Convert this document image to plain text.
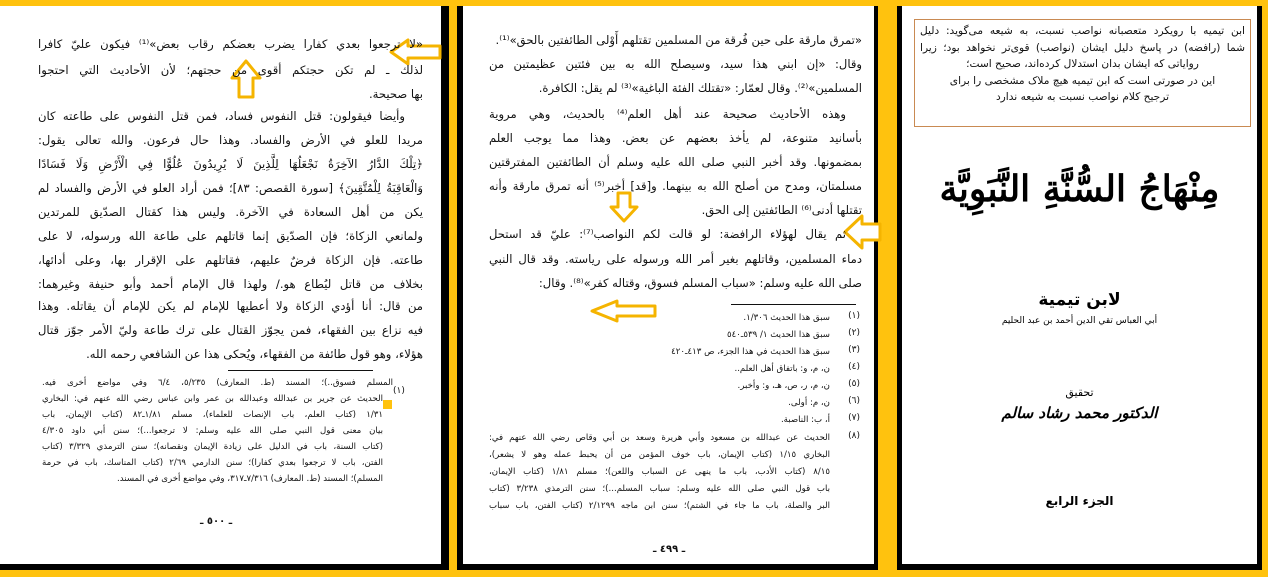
(١)
ـ ٥٠٠ ـ
«لا ترجعوا بعدي كفارا يضرب بعضكم رقاب بعض»⁽¹⁾ فيكون عليّ كافرا
لذلك ـ لم تكن حجتكم أقوى من حجتهم؛ لأن الأحاديث التي احتجوا
بها صحيحة.
وأيضا فيقولون: قتل النفوس فساد، فمن قتل النفوس على طاعته كان
مريدا للعلو في الأرض والفساد. وهذا حال فرعون. والله تعالى يقول:
﴿تِلْكَ الدَّارُ الآخِرَةُ نَجْعَلُهَا لِلَّذِينَ لَا يُرِيدُونَ عُلُوًّا فِي الْأَرْضِ وَلَا فَسَادًا
وَالْعَاقِبَةُ لِلْمُتَّقِينَ﴾ [سورة القصص: ٨٣]؛ فمن أراد العلو في الأرض والفساد لم
يكن من أهل السعادة في الآخرة. وليس هذا كقتال الصدّيق للمرتدين
ولمانعي الزكاة؛ فإن الصدّيق إنما قاتلهم على طاعة الله ورسوله، لا على
طاعته. فإن الزكاة فرضٌ عليهم، فقاتلهم على الإقرار بها، وعلى أدائها،
بخلاف من قاتل ليُطاع هو./ ولهذا قال الإمام أحمد وأبو حنيفة وغيرهما:
من قال: أنا أؤدي الزكاة ولا أعطيها للإمام لم يكن للإمام أن يقاتله. وهذا
فيه نزاع بين الفقهاء، فمن يجوّز القتال على ترك طاعة وليّ الأمر جوّز قتال
هؤلاء، وهو قول طائفة من الفقهاء، ويُحكى هذا عن الشافعي رحمه الله.
المسلم فسوق..)؛ المسند (ط. المعارف) ٥/٢٣٥، ٦/٤ وفي مواضع أخرى فيه.
الحديث عن جرير بن عبدالله وعبدالله بن عمر وابن عباس رضي الله عنهم في: البخاري
١/٣١ (كتاب العلم، باب الإنصات للعلماء)، مسلم ١/٨١ـ٨٢ (كتاب الإيمان، باب
بيان معنى قول النبي صلى الله عليه وسلم: لا ترجعوا...)؛ سنن أبي داود ٤/٣٠٥
(كتاب السنة، باب في الدليل على زيادة الإيمان ونقصانه)؛ سنن الترمذي ٣/٣٢٩ (كتاب
الفتن، باب لا ترجعوا بعدي كفارا)؛ سنن الدارمي ٢/٦٩ (كتاب المناسك، باب في حرمة
المسلم)؛ المسند (ط. المعارف) ٧/٣١٦ـ٣١٧، وفي مواضع أخرى في المسند.
ـ ٤٩٩ ـ
«تمرق مارقة على حين فُرقة من المسلمين تقتلهم أَوْلى الطائفتين بالحق»⁽¹⁾.
وقال: «إن ابني هذا سيد، وسيصلح الله به بين فئتين عظيمتين من
المسلمين»⁽²⁾. وقال لعمّار: «تقتلك الفئة الباغية»⁽³⁾ لم يقل: الكافرة.
وهذه الأحاديث صحيحة عند أهل العلم⁽⁴⁾ بالحديث، وهي مروية
بأسانيد متنوعة، لم يأخذ بعضهم عن بعض. وهذا مما يوجب العلم
بمضمونها. وقد أخبر النبي صلى الله عليه وسلم أن الطائفتين المفترقتين
مسلمتان، ومدح من أصلح الله به بينهما. و[قد] أخبر⁽⁵⁾ أنه تمرق مارقة وأنه
تقتلها أدنى⁽⁶⁾ الطائفتين إلى الحق.
ثم يقال لهؤلاء الرافضة: لو قالت لكم النواصب⁽⁷⁾: عليّ قد استحل
دماء المسلمين، وقاتلهم بغير أمر الله ورسوله على رياسته. وقد قال النبي
صلى الله عليه وسلم: «سباب المسلم فسوق، وقتاله كفر»⁽⁸⁾. وقال:
(١)
سبق هذا الحديث ١/٣٠٦.
(٢)
سبق هذا الحديث ١/ ٥٣٩ـ٥٤٠
(٣)
سبق هذا الحديث في هذا الجزء، ص ٤١٣ـ٤٢٠
(٤)
ن، م، و: باتفاق أهل العلم..
(٥)
ن، م، ر، ص، هـ، و: وأخبر.
(٦)
ن، م: أولى.
(٧)
أ، ب: الناصبة.
(٨)
الحديث عن عبدالله بن مسعود وأبي هريرة وسعد بن أبي وقاص رضي الله عنهم في:
البخاري ١/١٥ (كتاب الإيمان، باب خوف المؤمن من أن يحبط عمله وهو لا يشعر)،
٨/١٥ (كتاب الأدب، باب ما ينهى عن السباب واللعن)؛ مسلم ١/٨١ (كتاب الإيمان،
باب قول النبي صلى الله عليه وسلم: سباب المسلم...)؛ سنن الترمذي ٣/٢٣٨ (كتاب
البر والصلة، باب ما جاء في الشتم)؛ سنن ابن ماجه ٢/١٢٩٩ (كتاب الفتن، باب سباب
ابن تیمیه با رویکرد متعصبانه نواصب نسبت، به شیعه می‌گوید: دلیل
شما (رافضه) در پاسخ دلیل ایشان (نواصب) قوی‌تر نخواهد بود؛ زیرا
روایاتی که ایشان بدان استدلال کرده‌اند، صحیح است؛
این در صورتی است که ابن تیمیه هیچ ملاک مشخصی را برای
ترجیح کلام نواصب نسبت به شیعه ندارد
مِنْهَاجُ السُّنَّةِ النَّبَوِيَّة
لابن تيمية
أبي العباس تقي الدين أحمد بن عبد الحليم
تحقيق
الدكتور محمد رشاد سالم
الجزء الرابع
